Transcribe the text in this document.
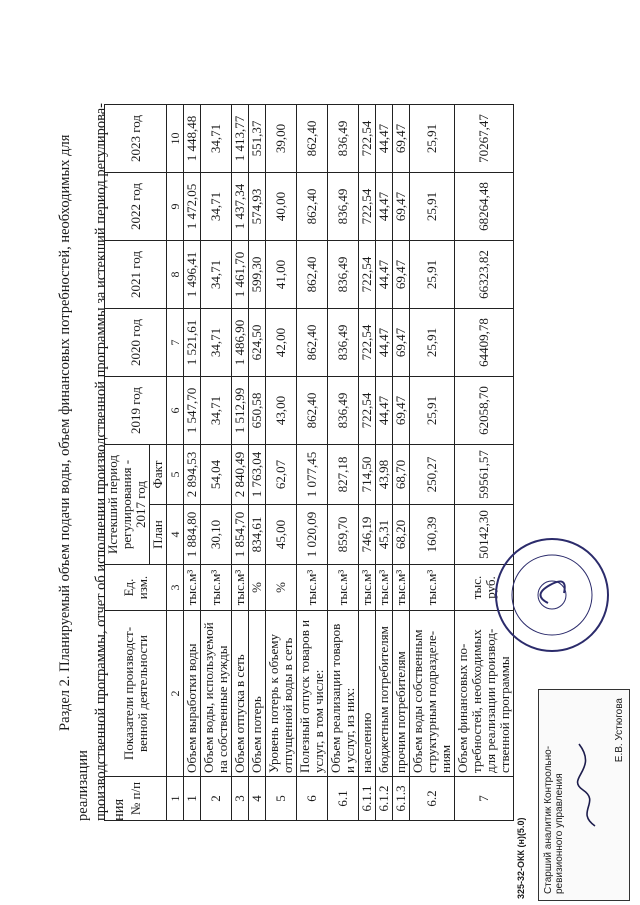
Раздел 2. Планируемый объем подачи воды, объем финансовых потребностей, необходимых для реализации производственной программы, отчет об исполнении производственной программы за истекший период регулирова- ния № п/п	Показатели производст-венной деятельности	Ед. изм.	Истекший период регулирования - 2017 год		2019 год	2020 год	2021 год	2022 год	2023 год
			План	Факт					
1	2	3	4	5	6	7	8	9	10
1	Объем выработки воды	тыс.м³	1 884,80	2 894,53	1 547,70	1 521,61	1 496,41	1 472,05	1 448,48
2	Объем воды, используемой на собственные нужды	тыс.м³	30,10	54,04	34,71	34,71	34,71	34,71	34,71
3	Объем отпуска в сеть	тыс.м³	1 854,70	2 840,49	1 512,99	1 486,90	1 461,70	1 437,34	1 413,77
4	Объем потерь	%	834,61	1 763,04	650,58	624,50	599,30	574,93	551,37
5	Уровень потерь к объему отпущенной воды в сеть	%	45,00	62,07	43,00	42,00	41,00	40,00	39,00
6	Полезный отпуск товаров и услуг, в том числе:	тыс.м³	1 020,09	1 077,45	862,40	862,40	862,40	862,40	862,40
6.1	Объем реализации товаров и услуг, из них:	тыс.м³	859,70	827,18	836,49	836,49	836,49	836,49	836,49
6.1.1	населению	тыс.м³	746,19	714,50	722,54	722,54	722,54	722,54	722,54
6.1.2	бюджетным потребителям	тыс.м³	45,31	43,98	44,47	44,47	44,47	44,47	44,47
6.1.3	прочим потребителям	тыс.м³	68,20	68,70	69,47	69,47	69,47	69,47	69,47
6.2	Объем воды собственным структурным подразделе-ниям	тыс.м³	160,39	250,27	25,91	25,91	25,91	25,91	25,91
7	Объем финансовых по-требностей, необходимых для реализации производ-ственной программы	тыс. руб.	50142,30	59561,57	62058,70	64409,78	66323,82	68264,48	70267,47
325-32-ОКК (н)(5.0) Старший аналитик Контрольно-ревизионного управления
Е.В. Устюгова
